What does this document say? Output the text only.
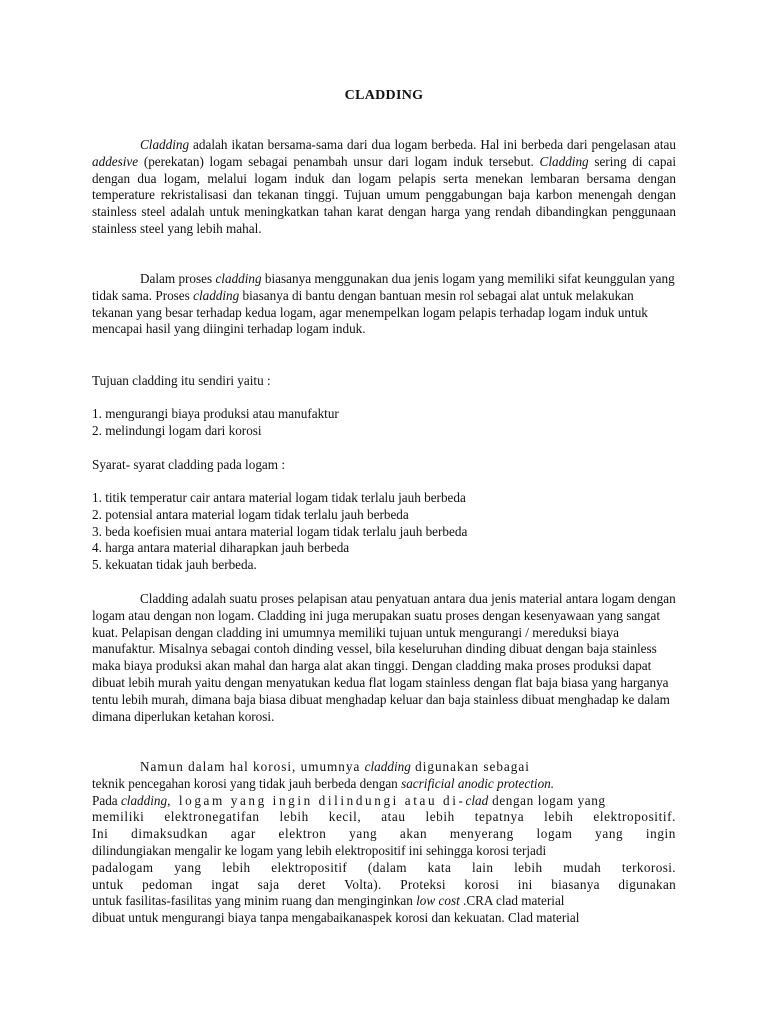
CLADDING
Cladding adalah ikatan bersama-sama dari dua logam berbeda. Hal ini berbeda dari pengelasan atau addesive (perekatan) logam sebagai penambah unsur dari logam induk tersebut. Cladding sering di capai dengan dua logam, melalui logam induk dan logam pelapis serta menekan lembaran bersama dengan temperature rekristalisasi dan tekanan tinggi. Tujuan umum penggabungan baja karbon menengah dengan stainless steel adalah untuk meningkatkan tahan karat dengan harga yang rendah dibandingkan penggunaan stainless steel yang lebih mahal.
Dalam proses cladding biasanya menggunakan dua jenis logam yang memiliki sifat keunggulan yang tidak sama. Proses cladding biasanya di bantu dengan bantuan mesin rol sebagai alat untuk melakukan tekanan yang besar terhadap kedua logam, agar menempelkan logam pelapis terhadap logam induk untuk mencapai hasil yang diingini terhadap logam induk.
Tujuan cladding itu sendiri yaitu :
1. mengurangi biaya produksi atau manufaktur
2. melindungi logam dari korosi
Syarat- syarat cladding pada logam :
1. titik temperatur cair antara material logam tidak terlalu jauh berbeda
2. potensial antara material logam tidak terlalu jauh berbeda
3. beda koefisien muai antara material logam tidak terlalu jauh berbeda
4. harga antara material diharapkan jauh berbeda
5. kekuatan tidak jauh berbeda.
Cladding adalah suatu proses pelapisan atau penyatuan antara dua jenis material antara logam dengan logam atau dengan non logam. Cladding ini juga merupakan suatu proses dengan kesenyawaan yang sangat kuat. Pelapisan dengan cladding ini umumnya memiliki tujuan untuk mengurangi / mereduksi biaya manufaktur. Misalnya sebagai contoh dinding vessel, bila keseluruhan dinding dibuat dengan baja stainless maka biaya produksi akan mahal dan harga alat akan tinggi. Dengan cladding maka proses produksi dapat dibuat lebih murah yaitu dengan menyatukan kedua flat logam stainless dengan flat baja biasa yang harganya tentu lebih murah, dimana baja biasa dibuat menghadap keluar dan baja stainless dibuat menghadap ke dalam dimana diperlukan ketahan korosi.
Namun dalam hal korosi, umumnya cladding digunakan sebagai
teknik pencegahan korosi yang tidak jauh berbeda dengan sacrificial anodic protection.
Pada cladding, logam yang ingin dilindungi atau di-clad dengan logam yang
memiliki elektronegatifan lebih kecil, atau lebih tepatnya lebih elektropositif.
Ini dimaksudkan agar elektron yang akan menyerang logam yang ingin
dilindungiakan mengalir ke logam yang lebih elektropositif ini sehingga korosi terjadi
padalogam yang lebih elektropositif (dalam kata lain lebih mudah terkorosi.
untuk pedoman ingat saja deret Volta). Proteksi korosi ini biasanya digunakan
untuk fasilitas-fasilitas yang minim ruang dan menginginkan low cost .CRA clad material
dibuat untuk mengurangi biaya tanpa mengabaikanaspek korosi dan kekuatan. Clad material
